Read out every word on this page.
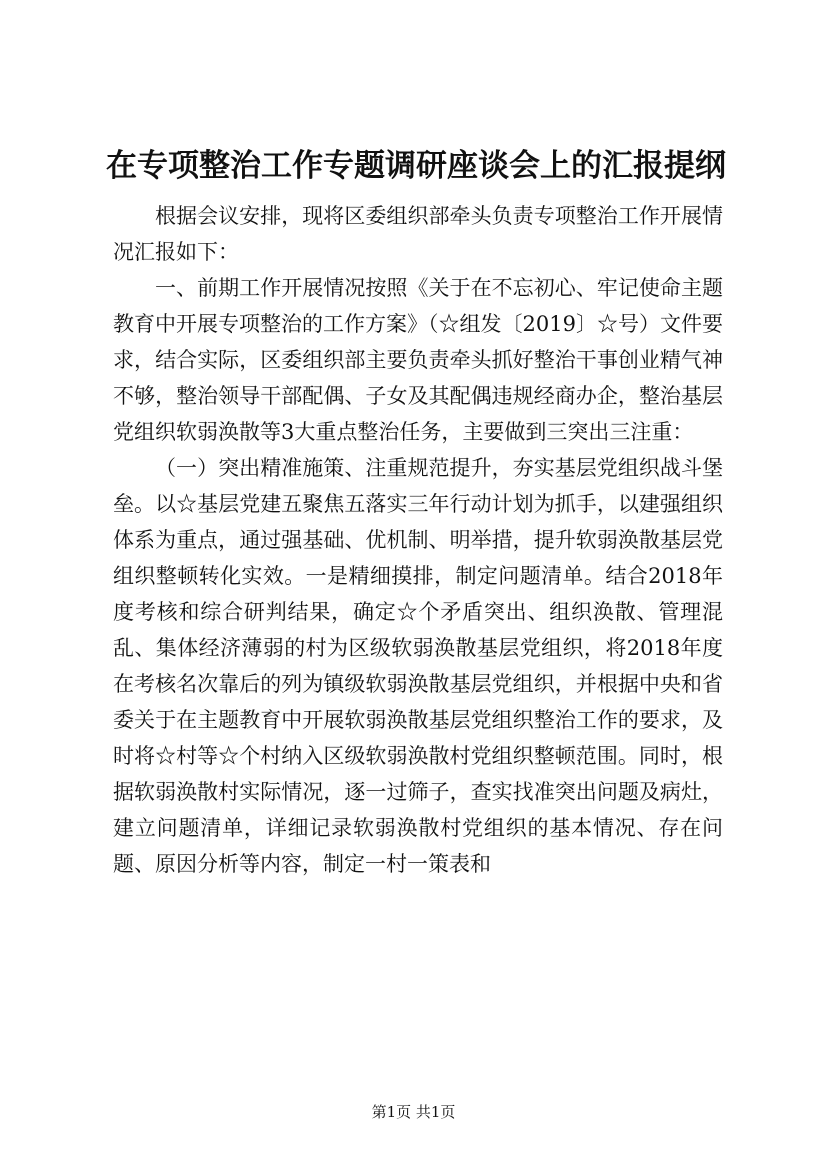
在专项整治工作专题调研座谈会上的汇报提纲

根据会议安排，现将区委组织部牵头负责专项整治工作开展情况汇报如下：

一、前期工作开展情况按照《关于在不忘初心、牢记使命主题教育中开展专项整治的工作方案》（☆组发〔2019〕☆号）文件要求，结合实际，区委组织部主要负责牵头抓好整治干事创业精气神不够，整治领导干部配偶、子女及其配偶违规经商办企，整治基层党组织软弱涣散等3大重点整治任务，主要做到三突出三注重：

（一）突出精准施策、注重规范提升，夯实基层党组织战斗堡垒。以☆基层党建五聚焦五落实三年行动计划为抓手，以建强组织体系为重点，通过强基础、优机制、明举措，提升软弱涣散基层党组织整顿转化实效。一是精细摸排，制定问题清单。结合2018年度考核和综合研判结果，确定☆个矛盾突出、组织涣散、管理混乱、集体经济薄弱的村为区级软弱涣散基层党组织，将2018年度在考核名次靠后的列为镇级软弱涣散基层党组织，并根据中央和省委关于在主题教育中开展软弱涣散基层党组织整治工作的要求，及时将☆村等☆个村纳入区级软弱涣散村党组织整顿范围。同时，根据软弱涣散村实际情况，逐一过筛子，查实找准突出问题及病灶，建立问题清单，详细记录软弱涣散村党组织的基本情况、存在问题、原因分析等内容，制定一村一策表和

第1页 共1页
